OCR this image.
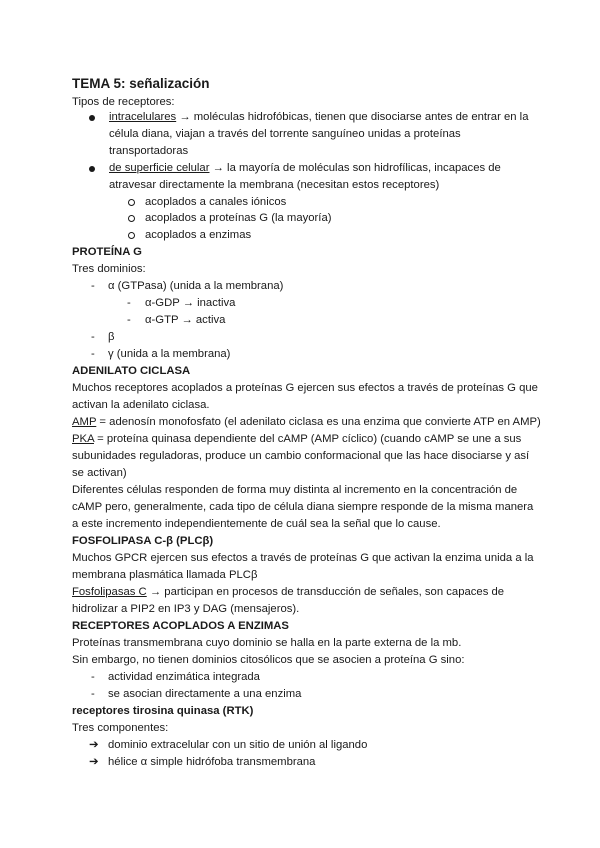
TEMA 5: señalización
Tipos de receptores:
intracelulares → moléculas hidrofóbicas, tienen que disociarse antes de entrar en la
célula diana, viajan a través del torrente sanguíneo unidas a proteínas
transportadoras
de superficie celular → la mayoría de moléculas son hidrofílicas, incapaces de
atravesar directamente la membrana (necesitan estos receptores)
acoplados a canales iónicos
acoplados a proteínas G (la mayoría)
acoplados a enzimas
PROTEÍNA G
Tres dominios:
- α (GTPasa) (unida a la membrana)
- α-GDP → inactiva
- α-GTP → activa
- β
- γ (unida a la membrana)
ADENILATO CICLASA
Muchos receptores acoplados a proteínas G ejercen sus efectos a través de proteínas G que
activan la adenilato ciclasa.
AMP = adenosín monofosfato (el adenilato ciclasa es una enzima que convierte ATP en AMP)
PKA = proteína quinasa dependiente del cAMP (AMP cíclico) (cuando cAMP se une a sus
subunidades reguladoras, produce un cambio conformacional que las hace disociarse y así
se activan)
Diferentes células responden de forma muy distinta al incremento en la concentración de
cAMP pero, generalmente, cada tipo de célula diana siempre responde de la misma manera
a este incremento independientemente de cuál sea la señal que lo cause.
FOSFOLIPASA C-β (PLCβ)
Muchos GPCR ejercen sus efectos a través de proteínas G que activan la enzima unida a la
membrana plasmática llamada PLCβ
Fosfolipasas C → participan en procesos de transducción de señales, son capaces de
hidrolizar a PIP2 en IP3 y DAG (mensajeros).
RECEPTORES ACOPLADOS A ENZIMAS
Proteínas transmembrana cuyo dominio se halla en la parte externa de la mb.
Sin embargo, no tienen dominios citosólicos que se asocien a proteína G sino:
- actividad enzimática integrada
- se asocian directamente a una enzima
receptores tirosina quinasa (RTK)
Tres componentes:
➔ dominio extracelular con un sitio de unión al ligando
➔ hélice α simple hidrófoba transmembrana
